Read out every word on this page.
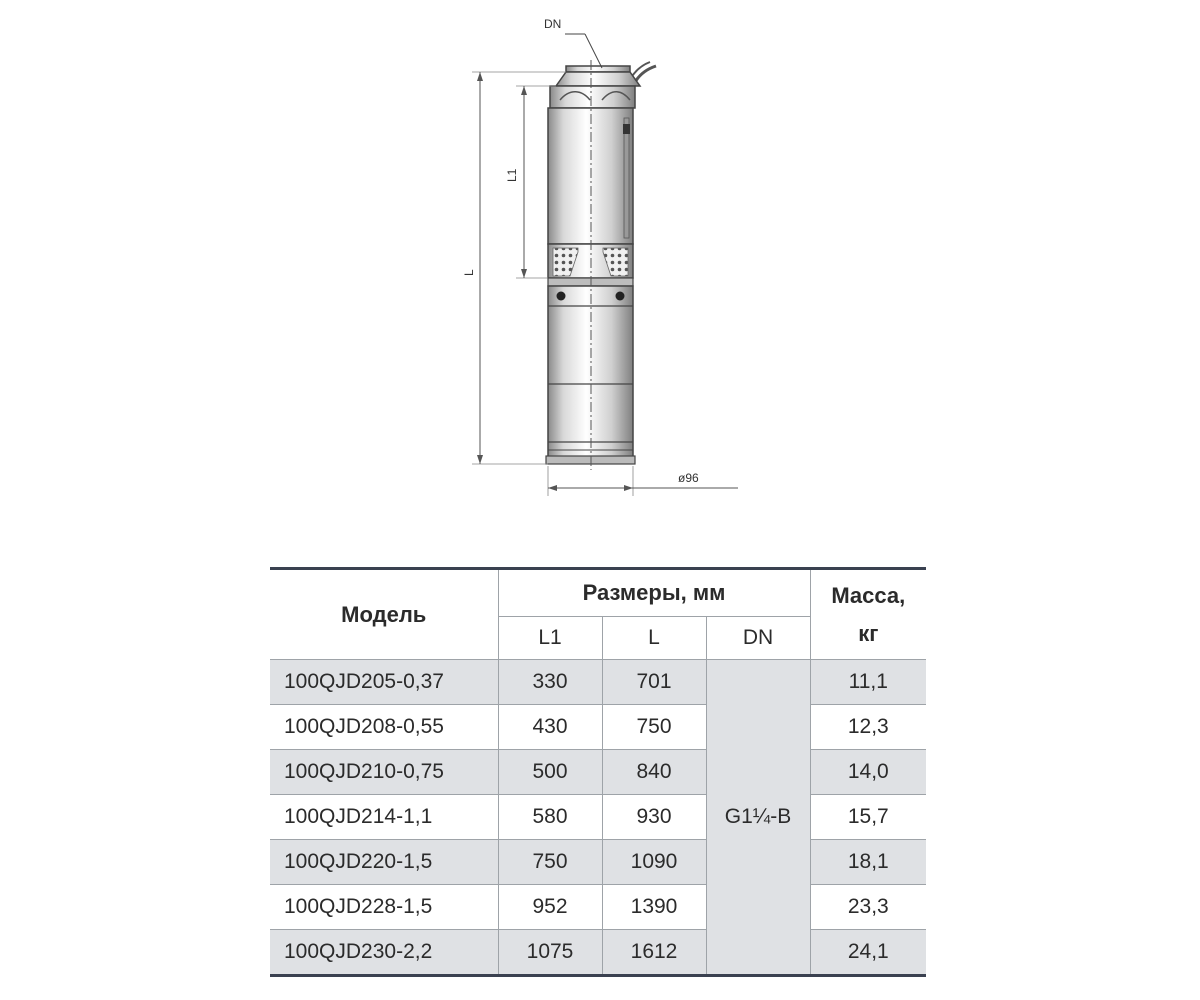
DN
L
L1
ø96
Модель	Размеры, мм			Масса, кг
	L1	L	DN	
100QJD205-0,37	330	701	G1¼-B	11,1
100QJD208-0,55	430	750		12,3
100QJD210-0,75	500	840		14,0
100QJD214-1,1	580	930		15,7
100QJD220-1,5	750	1090		18,1
100QJD228-1,5	952	1390		23,3
100QJD230-2,2	1075	1612		24,1
